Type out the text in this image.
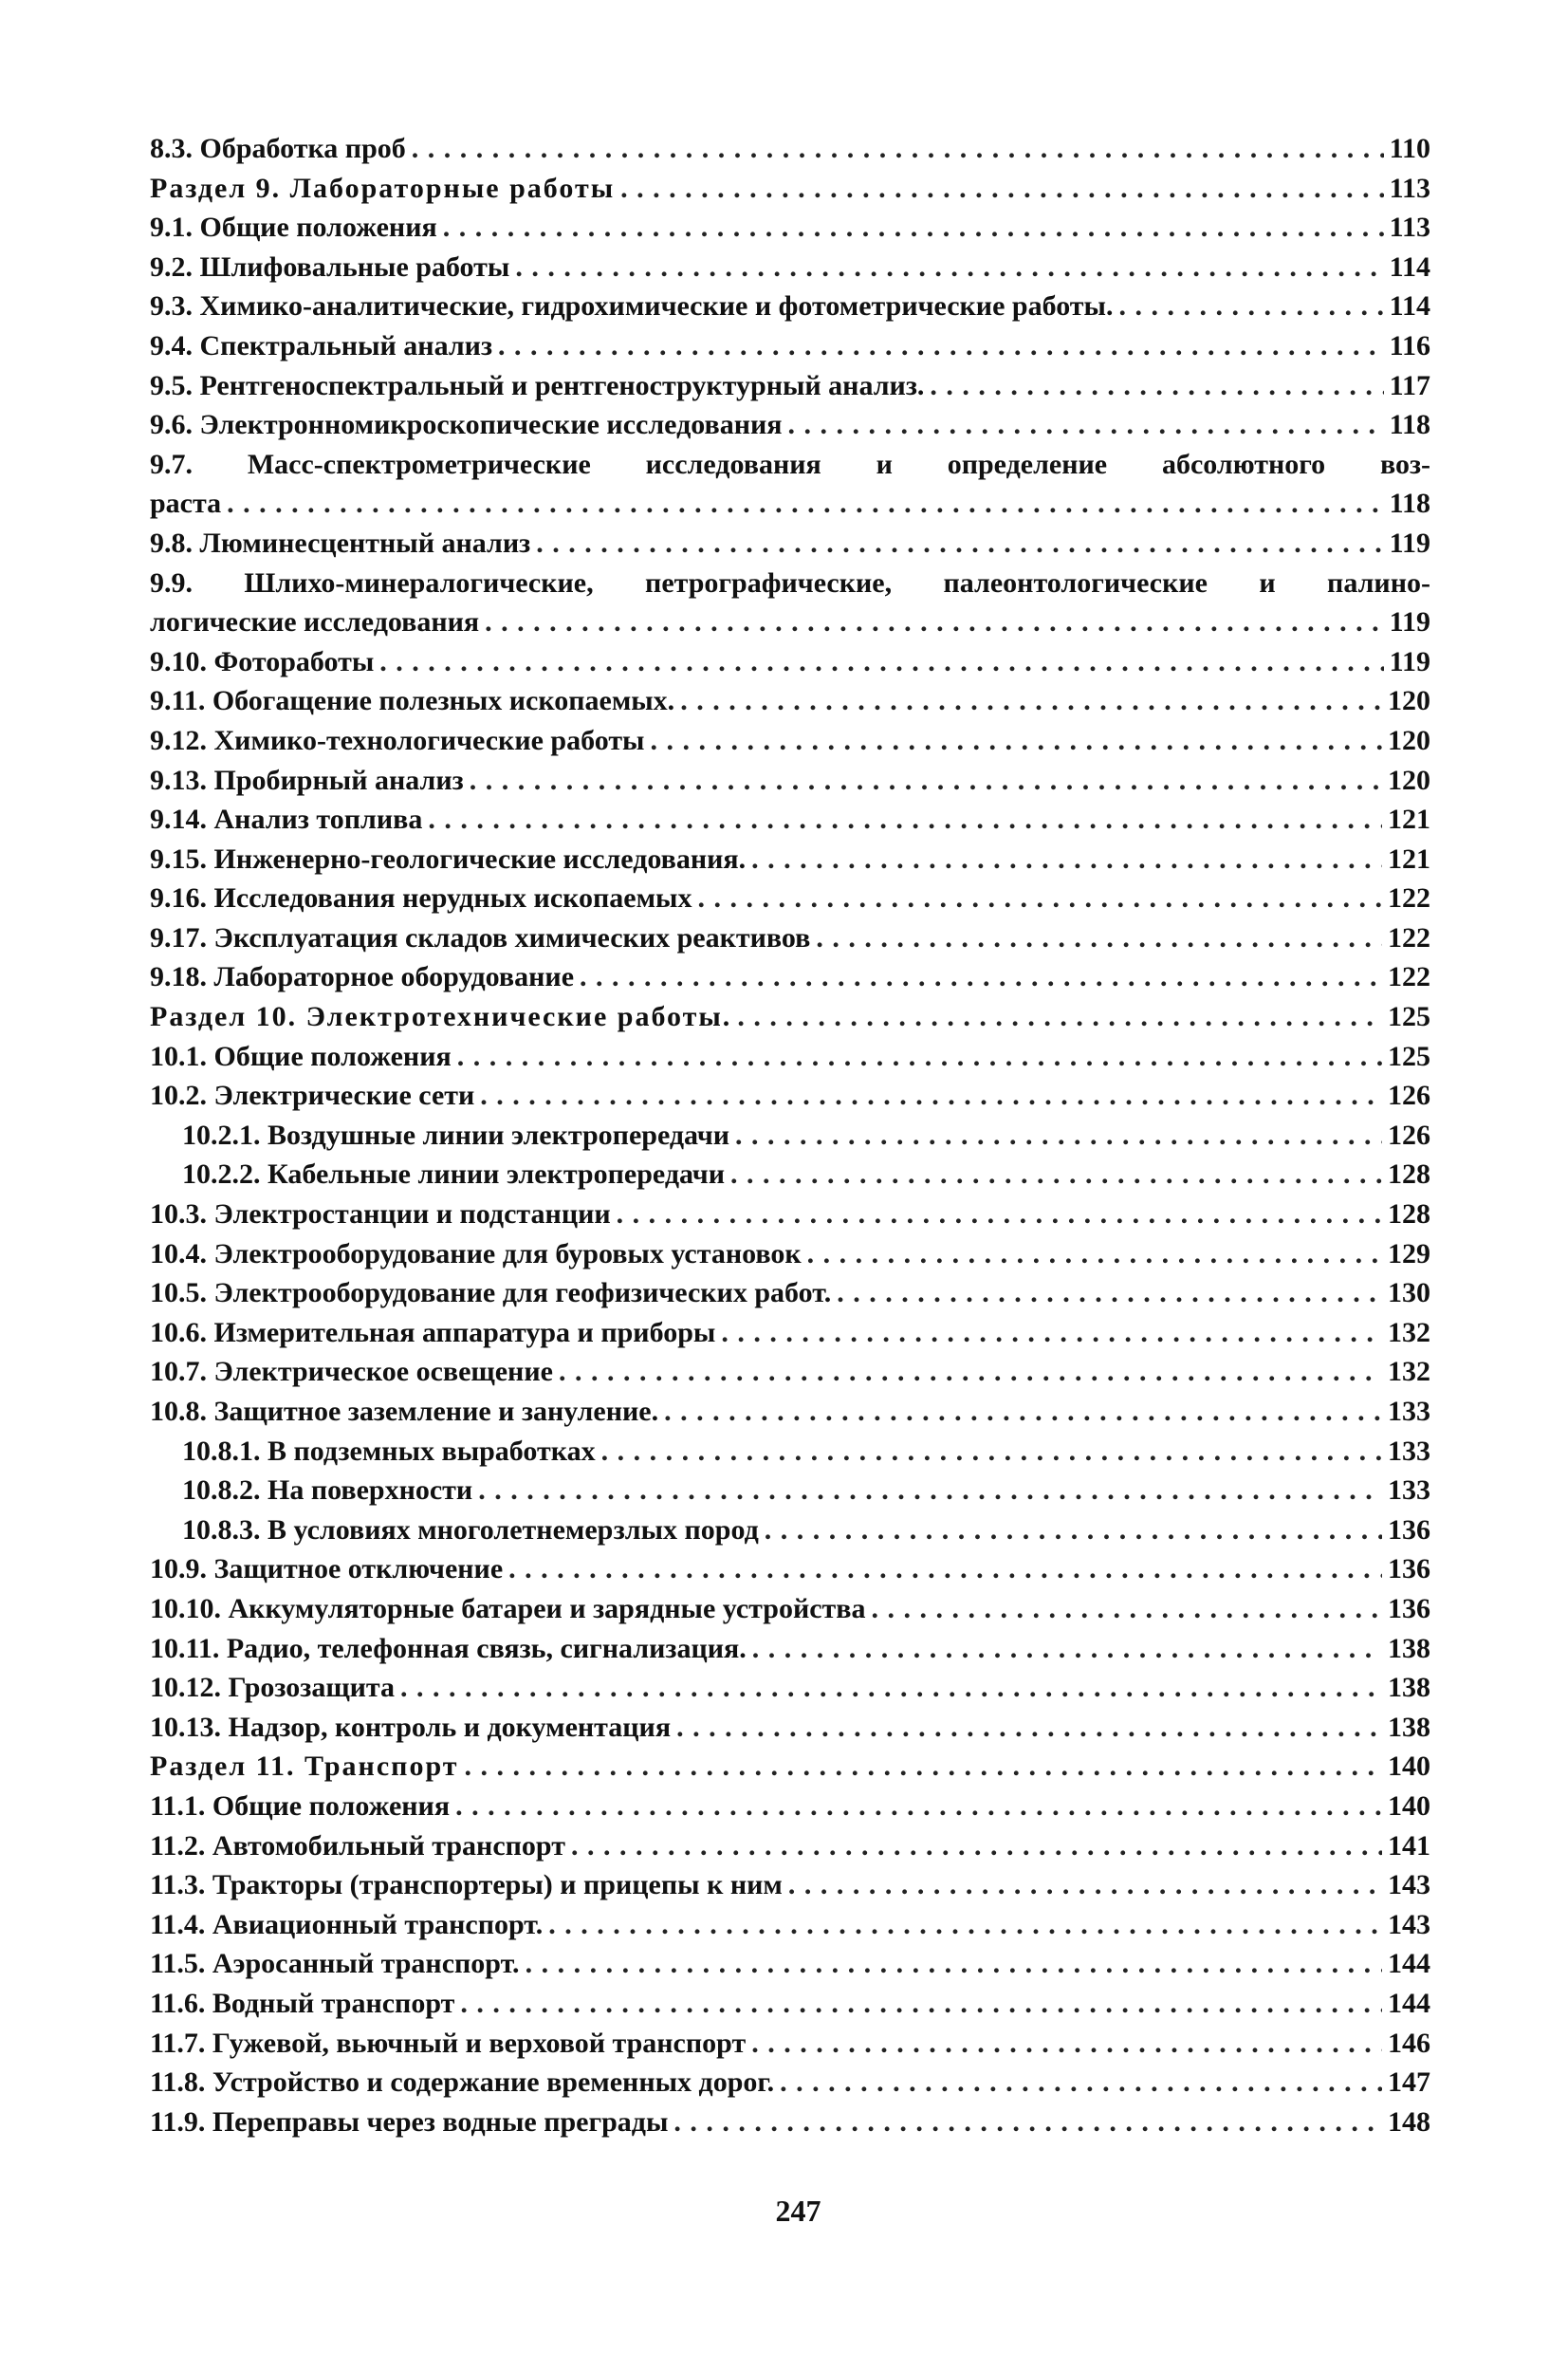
8.3. Обработка проб . . .	110
Раздел 9. Лабораторные работы . . .	113
9.1. Общие положения . . .	113
9.2. Шлифовальные работы . . .	114
9.3. Химико-аналитические, гидрохимические и фотометрические работы. . . .	114
9.4. Спектральный анализ . . .	116
9.5. Рентгеноспектральный и рентгеноструктурный анализ. . . .	117
9.6. Электронномикроскопические исследования . . .	118
9.7. Масс-спектрометрические исследования и определение абсолютного воз-
раста . . .	118
9.8. Люминесцентный анализ . . .	119
9.9. Шлихо-минералогические, петрографические, палеонтологические и палино-
логические исследования . . .	119
9.10. Фотоработы . . .	119
9.11. Обогащение полезных ископаемых. . . .	120
9.12. Химико-технологические работы . . .	120
9.13. Пробирный анализ . . .	120
9.14. Анализ топлива . . .	121
9.15. Инженерно-геологические исследования. . . .	121
9.16. Исследования нерудных ископаемых . . .	122
9.17. Эксплуатация складов химических реактивов . . .	122
9.18. Лабораторное оборудование . . .	122
Раздел 10. Электротехнические работы. . . .	125
10.1. Общие положения . . .	125
10.2. Электрические сети . . .	126
10.2.1. Воздушные линии электропередачи . . .	126
10.2.2. Кабельные линии электропередачи . . .	128
10.3. Электростанции и подстанции . . .	128
10.4. Электрооборудование для буровых установок . . .	129
10.5. Электрооборудование для геофизических работ. . . .	130
10.6. Измерительная аппаратура и приборы . . .	132
10.7. Электрическое освещение . . .	132
10.8. Защитное заземление и зануление. . . .	133
10.8.1. В подземных выработках . . .	133
10.8.2. На поверхности . . .	133
10.8.3. В условиях многолетнемерзлых пород . . .	136
10.9. Защитное отключение . . .	136
10.10. Аккумуляторные батареи и зарядные устройства . . .	136
10.11. Радио, телефонная связь, сигнализация. . . .	138
10.12. Грозозащита . . .	138
10.13. Надзор, контроль и документация . . .	138
Раздел 11. Транспорт . . .	140
11.1. Общие положения . . .	140
11.2. Автомобильный транспорт . . .	141
11.3. Тракторы (транспортеры) и прицепы к ним . . .	143
11.4. Авиационный транспорт. . . .	143
11.5. Аэросанный транспорт. . . .	144
11.6. Водный транспорт . . .	144
11.7. Гужевой, вьючный и верховой транспорт . . .	146
11.8. Устройство и содержание временных дорог. . . .	147
11.9. Переправы через водные преграды . . .	148
247
